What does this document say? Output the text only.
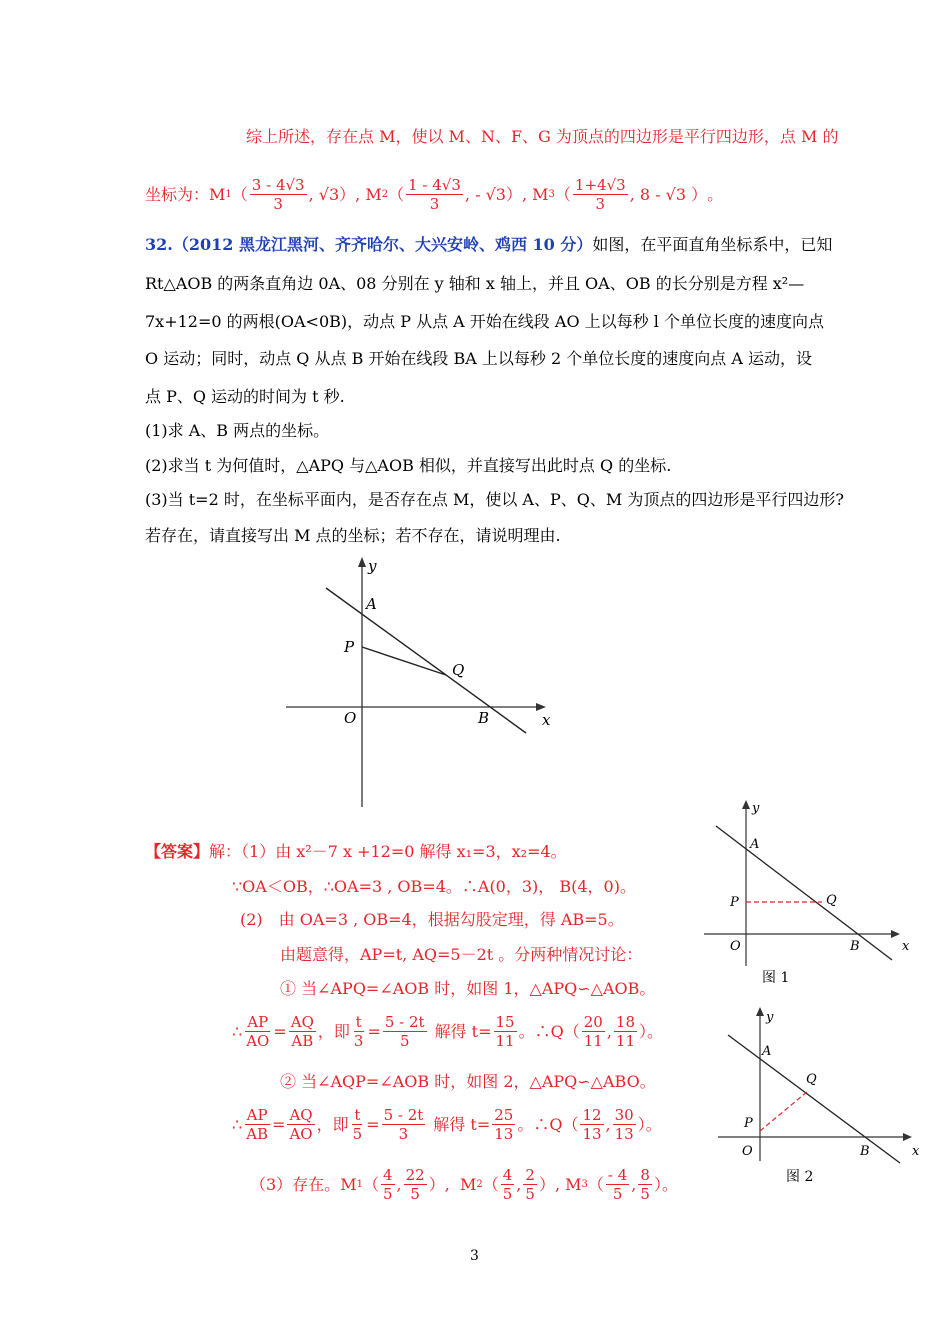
综上所述，存在点 M，使以 M、N、F、G 为顶点的四边形是平行四边形，点 M 的
坐标为： M 1 （ $\frac{3 - 4√3}{3}$ , √3 ）, M 2 （ $\frac{1 - 4√3}{3}$ , - √3 ）, M 3 （ $\frac{1+4√3}{3}$ , 8 - √3 ） 。
32.（2012 黑龙江黑河、齐齐哈尔、大兴安岭、鸡西 10 分）如图，在平面直角坐标系中，已知
Rt△AOB 的两条直角边 0A、08 分别在 y 轴和 x 轴上，并且 OA、OB 的长分别是方程 x²—
7x+12=0 的两根(OA<0B)，动点 P 从点 A 开始在线段 AO 上以每秒 l 个单位长度的速度向点
O 运动；同时，动点 Q 从点 B 开始在线段 BA 上以每秒 2 个单位长度的速度向点 A 运动，设
点 P、Q 运动的时间为 t 秒.
(1)求 A、B 两点的坐标。
(2)求当 t 为何值时，△APQ 与△AOB 相似，并直接写出此时点 Q 的坐标.
(3)当 t=2 时，在坐标平面内，是否存在点 M，使以 A、P、Q、M 为顶点的四边形是平行四边形?
若存在，请直接写出 M 点的坐标；若不存在，请说明理由.
y
x
A
P
Q
O	B
y
x
A
P	Q
O	B
图 1
y
x
A
P
Q
O	B
图 2
【答案】解：（1）由 x²－7 x +12=0 解得 x₁=3，x₂=4。
∵OA＜OB，∴OA=3 , OB=4。∴A(0，3)， B(4，0)。
(2)　由 OA=3 , OB=4，根据勾股定理，得 AB=5。
由题意得，AP=t, AQ=5－2t 。分两种情况讨论：
① 当∠APQ=∠AOB 时，如图 1，△APQ∽△AOB。
∴ $\frac{AP}{AO} = \frac{AQ}{AB}$ ，即 $\frac{t}{3} = \frac{5 - 2t}{5}$ 解得 $t= \frac{15}{11}$ 。∴Q（ $\frac{20}{11}$ , $\frac{18}{11}$ ）。
② 当∠AQP=∠AOB 时，如图 2，△APQ∽△ABO。
∴ $\frac{AP}{AB} = \frac{AQ}{AO}$ ，即 $\frac{t}{5} = \frac{5 - 2t}{3}$ 解得 $t= \frac{25}{13}$ 。∴Q（ $\frac{12}{13}$ , $\frac{30}{13}$ ）。
（3）存在。 M 1 （ $\frac{4}{5}$ , $\frac{22}{5}$ ）, M 2 （ $\frac{4}{5}$ , $\frac{2}{5}$ ）, M 3 （ $\frac{- 4}{5}$ , $\frac{8}{5}$ ）。
3
